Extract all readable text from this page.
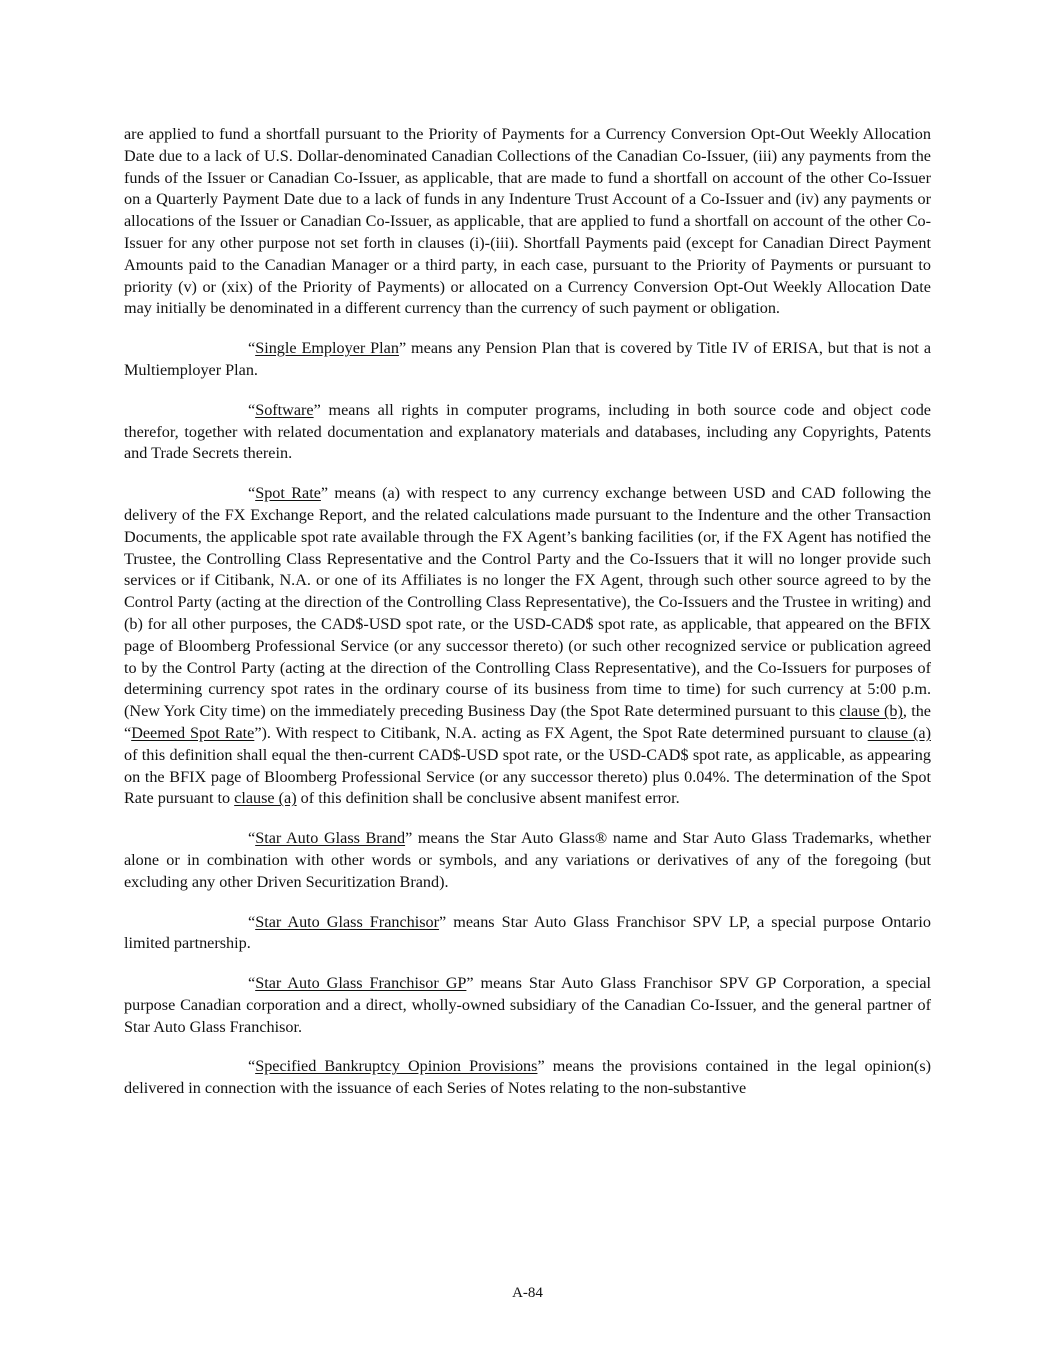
are applied to fund a shortfall pursuant to the Priority of Payments for a Currency Conversion Opt-Out Weekly Allocation Date due to a lack of U.S. Dollar-denominated Canadian Collections of the Canadian Co-Issuer, (iii) any payments from the funds of the Issuer or Canadian Co-Issuer, as applicable, that are made to fund a shortfall on account of the other Co-Issuer on a Quarterly Payment Date due to a lack of funds in any Indenture Trust Account of a Co-Issuer and (iv) any payments or allocations of the Issuer or Canadian Co-Issuer, as applicable, that are applied to fund a shortfall on account of the other Co-Issuer for any other purpose not set forth in clauses (i)-(iii). Shortfall Payments paid (except for Canadian Direct Payment Amounts paid to the Canadian Manager or a third party, in each case, pursuant to the Priority of Payments or pursuant to priority (v) or (xix) of the Priority of Payments) or allocated on a Currency Conversion Opt-Out Weekly Allocation Date may initially be denominated in a different currency than the currency of such payment or obligation.

“Single Employer Plan” means any Pension Plan that is covered by Title IV of ERISA, but that is not a Multiemployer Plan.

“Software” means all rights in computer programs, including in both source code and object code therefor, together with related documentation and explanatory materials and databases, including any Copyrights, Patents and Trade Secrets therein.

“Spot Rate” means (a) with respect to any currency exchange between USD and CAD following the delivery of the FX Exchange Report, and the related calculations made pursuant to the Indenture and the other Transaction Documents, the applicable spot rate available through the FX Agent’s banking facilities (or, if the FX Agent has notified the Trustee, the Controlling Class Representative and the Control Party and the Co-Issuers that it will no longer provide such services or if Citibank, N.A. or one of its Affiliates is no longer the FX Agent, through such other source agreed to by the Control Party (acting at the direction of the Controlling Class Representative), the Co-Issuers and the Trustee in writing) and (b) for all other purposes, the CAD$-USD spot rate, or the USD-CAD$ spot rate, as applicable, that appeared on the BFIX page of Bloomberg Professional Service (or any successor thereto) (or such other recognized service or publication agreed to by the Control Party (acting at the direction of the Controlling Class Representative), and the Co-Issuers for purposes of determining currency spot rates in the ordinary course of its business from time to time) for such currency at 5:00 p.m. (New York City time) on the immediately preceding Business Day (the Spot Rate determined pursuant to this clause (b), the “Deemed Spot Rate”). With respect to Citibank, N.A. acting as FX Agent, the Spot Rate determined pursuant to clause (a) of this definition shall equal the then-current CAD$-USD spot rate, or the USD-CAD$ spot rate, as applicable, as appearing on the BFIX page of Bloomberg Professional Service (or any successor thereto) plus 0.04%. The determination of the Spot Rate pursuant to clause (a) of this definition shall be conclusive absent manifest error.

“Star Auto Glass Brand” means the Star Auto Glass® name and Star Auto Glass Trademarks, whether alone or in combination with other words or symbols, and any variations or derivatives of any of the foregoing (but excluding any other Driven Securitization Brand).

“Star Auto Glass Franchisor” means Star Auto Glass Franchisor SPV LP, a special purpose Ontario limited partnership.

“Star Auto Glass Franchisor GP” means Star Auto Glass Franchisor SPV GP Corporation, a special purpose Canadian corporation and a direct, wholly-owned subsidiary of the Canadian Co-Issuer, and the general partner of Star Auto Glass Franchisor.

“Specified Bankruptcy Opinion Provisions” means the provisions contained in the legal opinion(s) delivered in connection with the issuance of each Series of Notes relating to the non-substantive

A-84
